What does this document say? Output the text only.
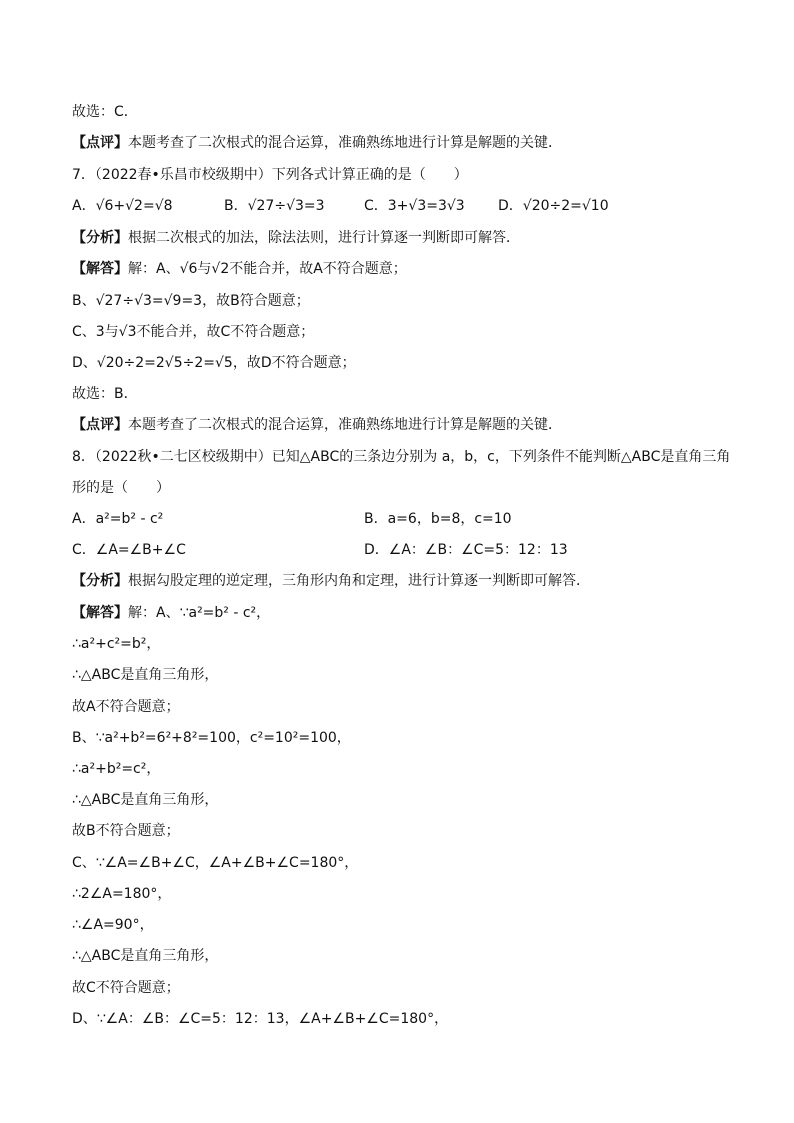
故选：C．
【点评】本题考查了二次根式的混合运算，准确熟练地进行计算是解题的关键．
7．（2022春•乐昌市校级期中）下列各式计算正确的是（　　）
A．√6+√2=√8	B．√27÷√3=3	C．3+√3=3√3 D．√20÷2=√10
【分析】根据二次根式的加法，除法法则，进行计算逐一判断即可解答．
【解答】解：A、√6与√2不能合并，故A不符合题意；
B、√27÷√3=√9=3，故B符合题意；
C、3与√3不能合并，故C不符合题意；
D、√20÷2=2√5÷2=√5，故D不符合题意；
故选：B．
【点评】本题考查了二次根式的混合运算，准确熟练地进行计算是解题的关键．
8．（2022秋•二七区校级期中）已知△ABC的三条边分别为 a，b，c，下列条件不能判断△ABC是直角三角
形的是（　　）
A．a²=b² - c²	B．a=6，b=8，c=10
C．∠A=∠B+∠C	D．∠A：∠B：∠C=5：12：13
【分析】根据勾股定理的逆定理，三角形内角和定理，进行计算逐一判断即可解答．
【解答】解：A、∵a²=b² - c²，
∴a²+c²=b²，
∴△ABC是直角三角形，
故A不符合题意；
B、∵a²+b²=6²+8²=100，c²=10²=100，
∴a²+b²=c²，
∴△ABC是直角三角形，
故B不符合题意；
C、∵∠A=∠B+∠C，∠A+∠B+∠C=180°，
∴2∠A=180°，
∴∠A=90°，
∴△ABC是直角三角形，
故C不符合题意；
D、∵∠A：∠B：∠C=5：12：13，∠A+∠B+∠C=180°，
